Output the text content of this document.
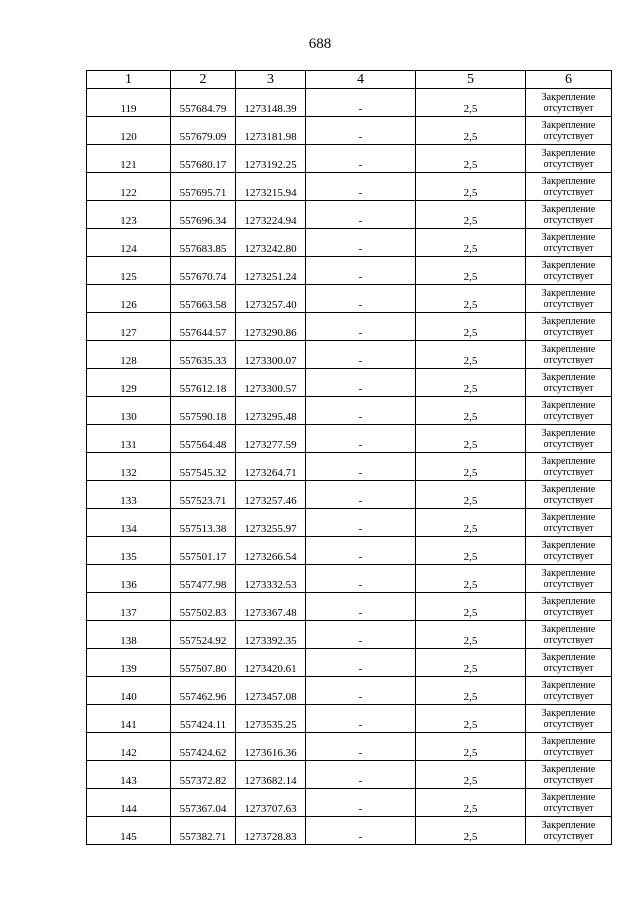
688
1	2	3	4	5	6
119	557684.79	1273148.39	-	2,5	Закрепление
отсутствует

120	557679.09	1273181.98	-	2,5	Закрепление
отсутствует

121	557680.17	1273192.25	-	2,5	Закрепление
отсутствует

122	557695.71	1273215.94	-	2,5	Закрепление
отсутствует

123	557696.34	1273224.94	-	2,5	Закрепление
отсутствует

124	557683.85	1273242.80	-	2,5	Закрепление
отсутствует

125	557670.74	1273251.24	-	2,5	Закрепление
отсутствует

126	557663.58	1273257.40	-	2,5	Закрепление
отсутствует

127	557644.57	1273290.86	-	2,5	Закрепление
отсутствует

128	557635.33	1273300.07	-	2,5	Закрепление
отсутствует

129	557612.18	1273300.57	-	2,5	Закрепление
отсутствует

130	557590.18	1273295.48	-	2,5	Закрепление
отсутствует

131	557564.48	1273277.59	-	2,5	Закрепление
отсутствует

132	557545.32	1273264.71	-	2,5	Закрепление
отсутствует

133	557523.71	1273257.46	-	2,5	Закрепление
отсутствует

134	557513.38	1273255.97	-	2,5	Закрепление
отсутствует

135	557501.17	1273266.54	-	2,5	Закрепление
отсутствует

136	557477.98	1273332.53	-	2,5	Закрепление
отсутствует

137	557502.83	1273367.48	-	2,5	Закрепление
отсутствует

138	557524.92	1273392.35	-	2,5	Закрепление
отсутствует

139	557507.80	1273420.61	-	2,5	Закрепление
отсутствует

140	557462.96	1273457.08	-	2,5	Закрепление
отсутствует

141	557424.11	1273535.25	-	2,5	Закрепление
отсутствует

142	557424.62	1273616.36	-	2,5	Закрепление
отсутствует

143	557372.82	1273682.14	-	2,5	Закрепление
отсутствует

144	557367.04	1273707.63	-	2,5	Закрепление
отсутствует

145	557382.71	1273728.83	-	2,5	Закрепление
отсутствует
